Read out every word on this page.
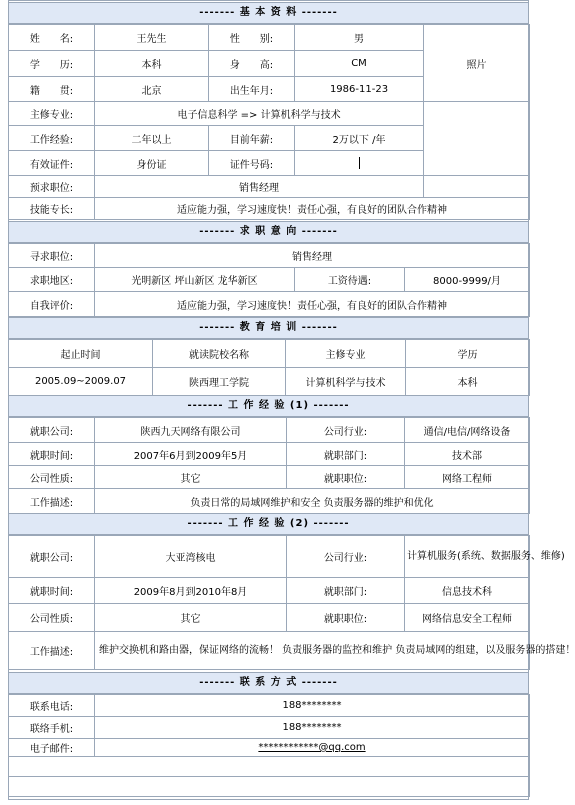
------- 基 本 资 料 -------
姓　　名:	王先生	性　　别:	男	照片
学　　历:	本科	身　　高:	CM	
籍　　贯:	北京	出生年月:	1986-11-23	
主修专业:	电子信息科学 => 计算机科学与技术			
工作经验:	二年以上	目前年薪:	2万以下 /年	
有效证件:	身份证	证件号码:		
预求职位:	销售经理			
技能专长:	适应能力强，学习速度快！责任心强，有良好的团队合作精神			
------- 求 职 意 向 -------
寻求职位:	销售经理		
求职地区:	光明新区 坪山新区 龙华新区	工资待遇:	8000-9999/月
自我评价:	适应能力强，学习速度快！责任心强，有良好的团队合作精神		
------- 教 育 培 训 -------
起止时间	就读院校名称	主修专业	学历
2005.09~2009.07	陕西理工学院	计算机科学与技术	本科
------- 工 作 经 验 (1) -------
就职公司:	陕西九天网络有限公司	公司行业:	通信/电信/网络设备
就职时间:	2007年6月到2009年5月	就职部门:	技术部
公司性质:	其它	就职职位:	网络工程师
工作描述:	负责日常的局域网维护和安全 负责服务器的维护和优化		
------- 工 作 经 验 (2) -------
就职公司:	大亚湾核电	公司行业:	计算机服务(系统、数据服务、维修)
就职时间:	2009年8月到2010年8月	就职部门:	信息技术科
公司性质:	其它	就职职位:	网络信息安全工程师
工作描述:	维护交换机和路由器，保证网络的流畅！ 负责服务器的监控和维护 负责局域网的组建，以及服务器的搭建！		
------- 联 系 方 式 -------
联系电话:	188********
联络手机:	188********
电子邮件:	************@qq.com
